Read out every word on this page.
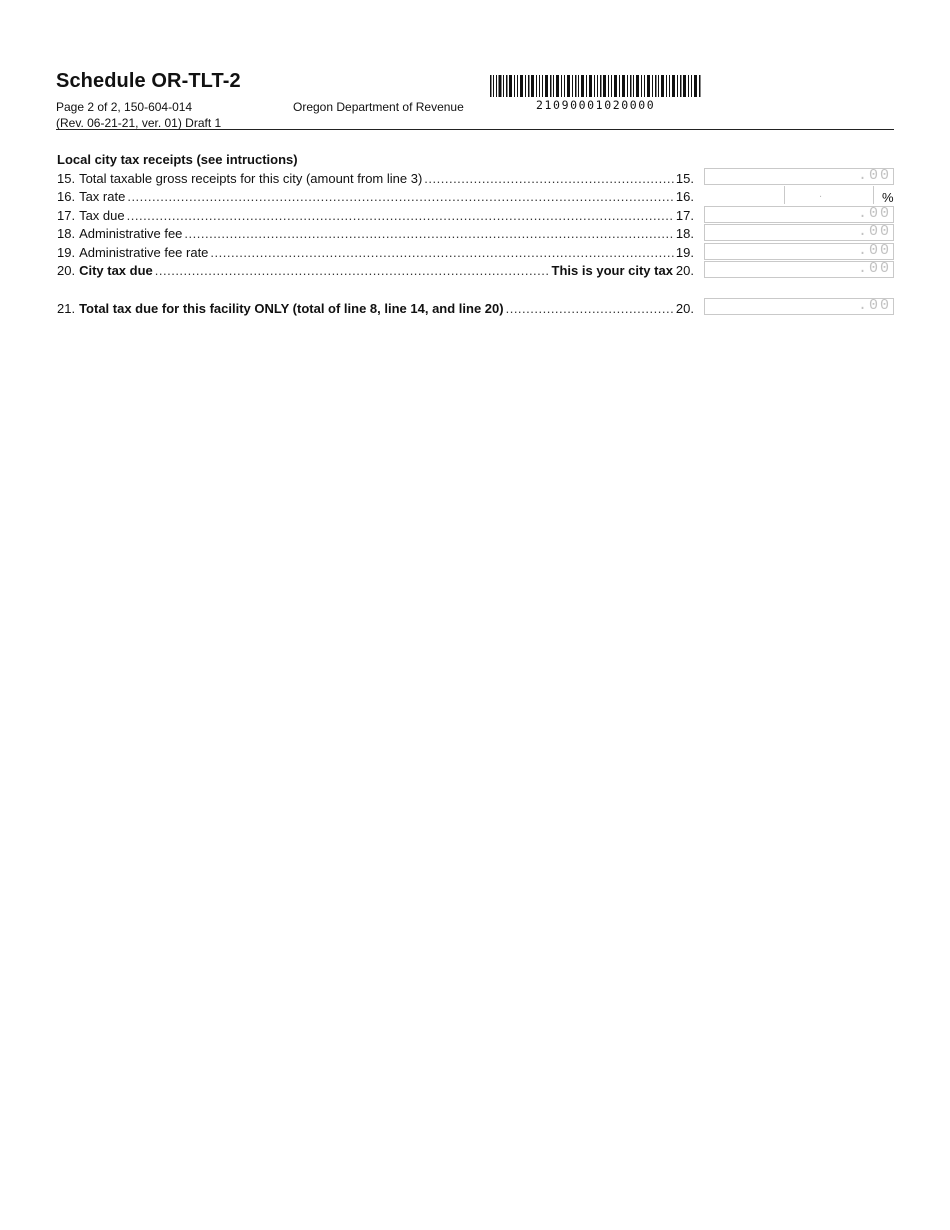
Schedule OR-TLT-2
Page 2 of 2, 150-604-014
(Rev. 06-21-21, ver. 01) Draft 1
Oregon Department of Revenue	21090001020000
Local city tax receipts (see intructions)
15. Total taxable gross receipts for this city (amount from line 3) .....	15.	.00
16. Tax rate .....	16.	.	%
17. Tax due .....	17.	.00
18. Administrative fee .....	18.	.00
19. Administrative fee rate .....	19.	.00
20. City tax due .....	This is your city tax 20.	.00
21. Total tax due for this facility ONLY (total of line 8, line 14, and line 20) .....	20.	.00
